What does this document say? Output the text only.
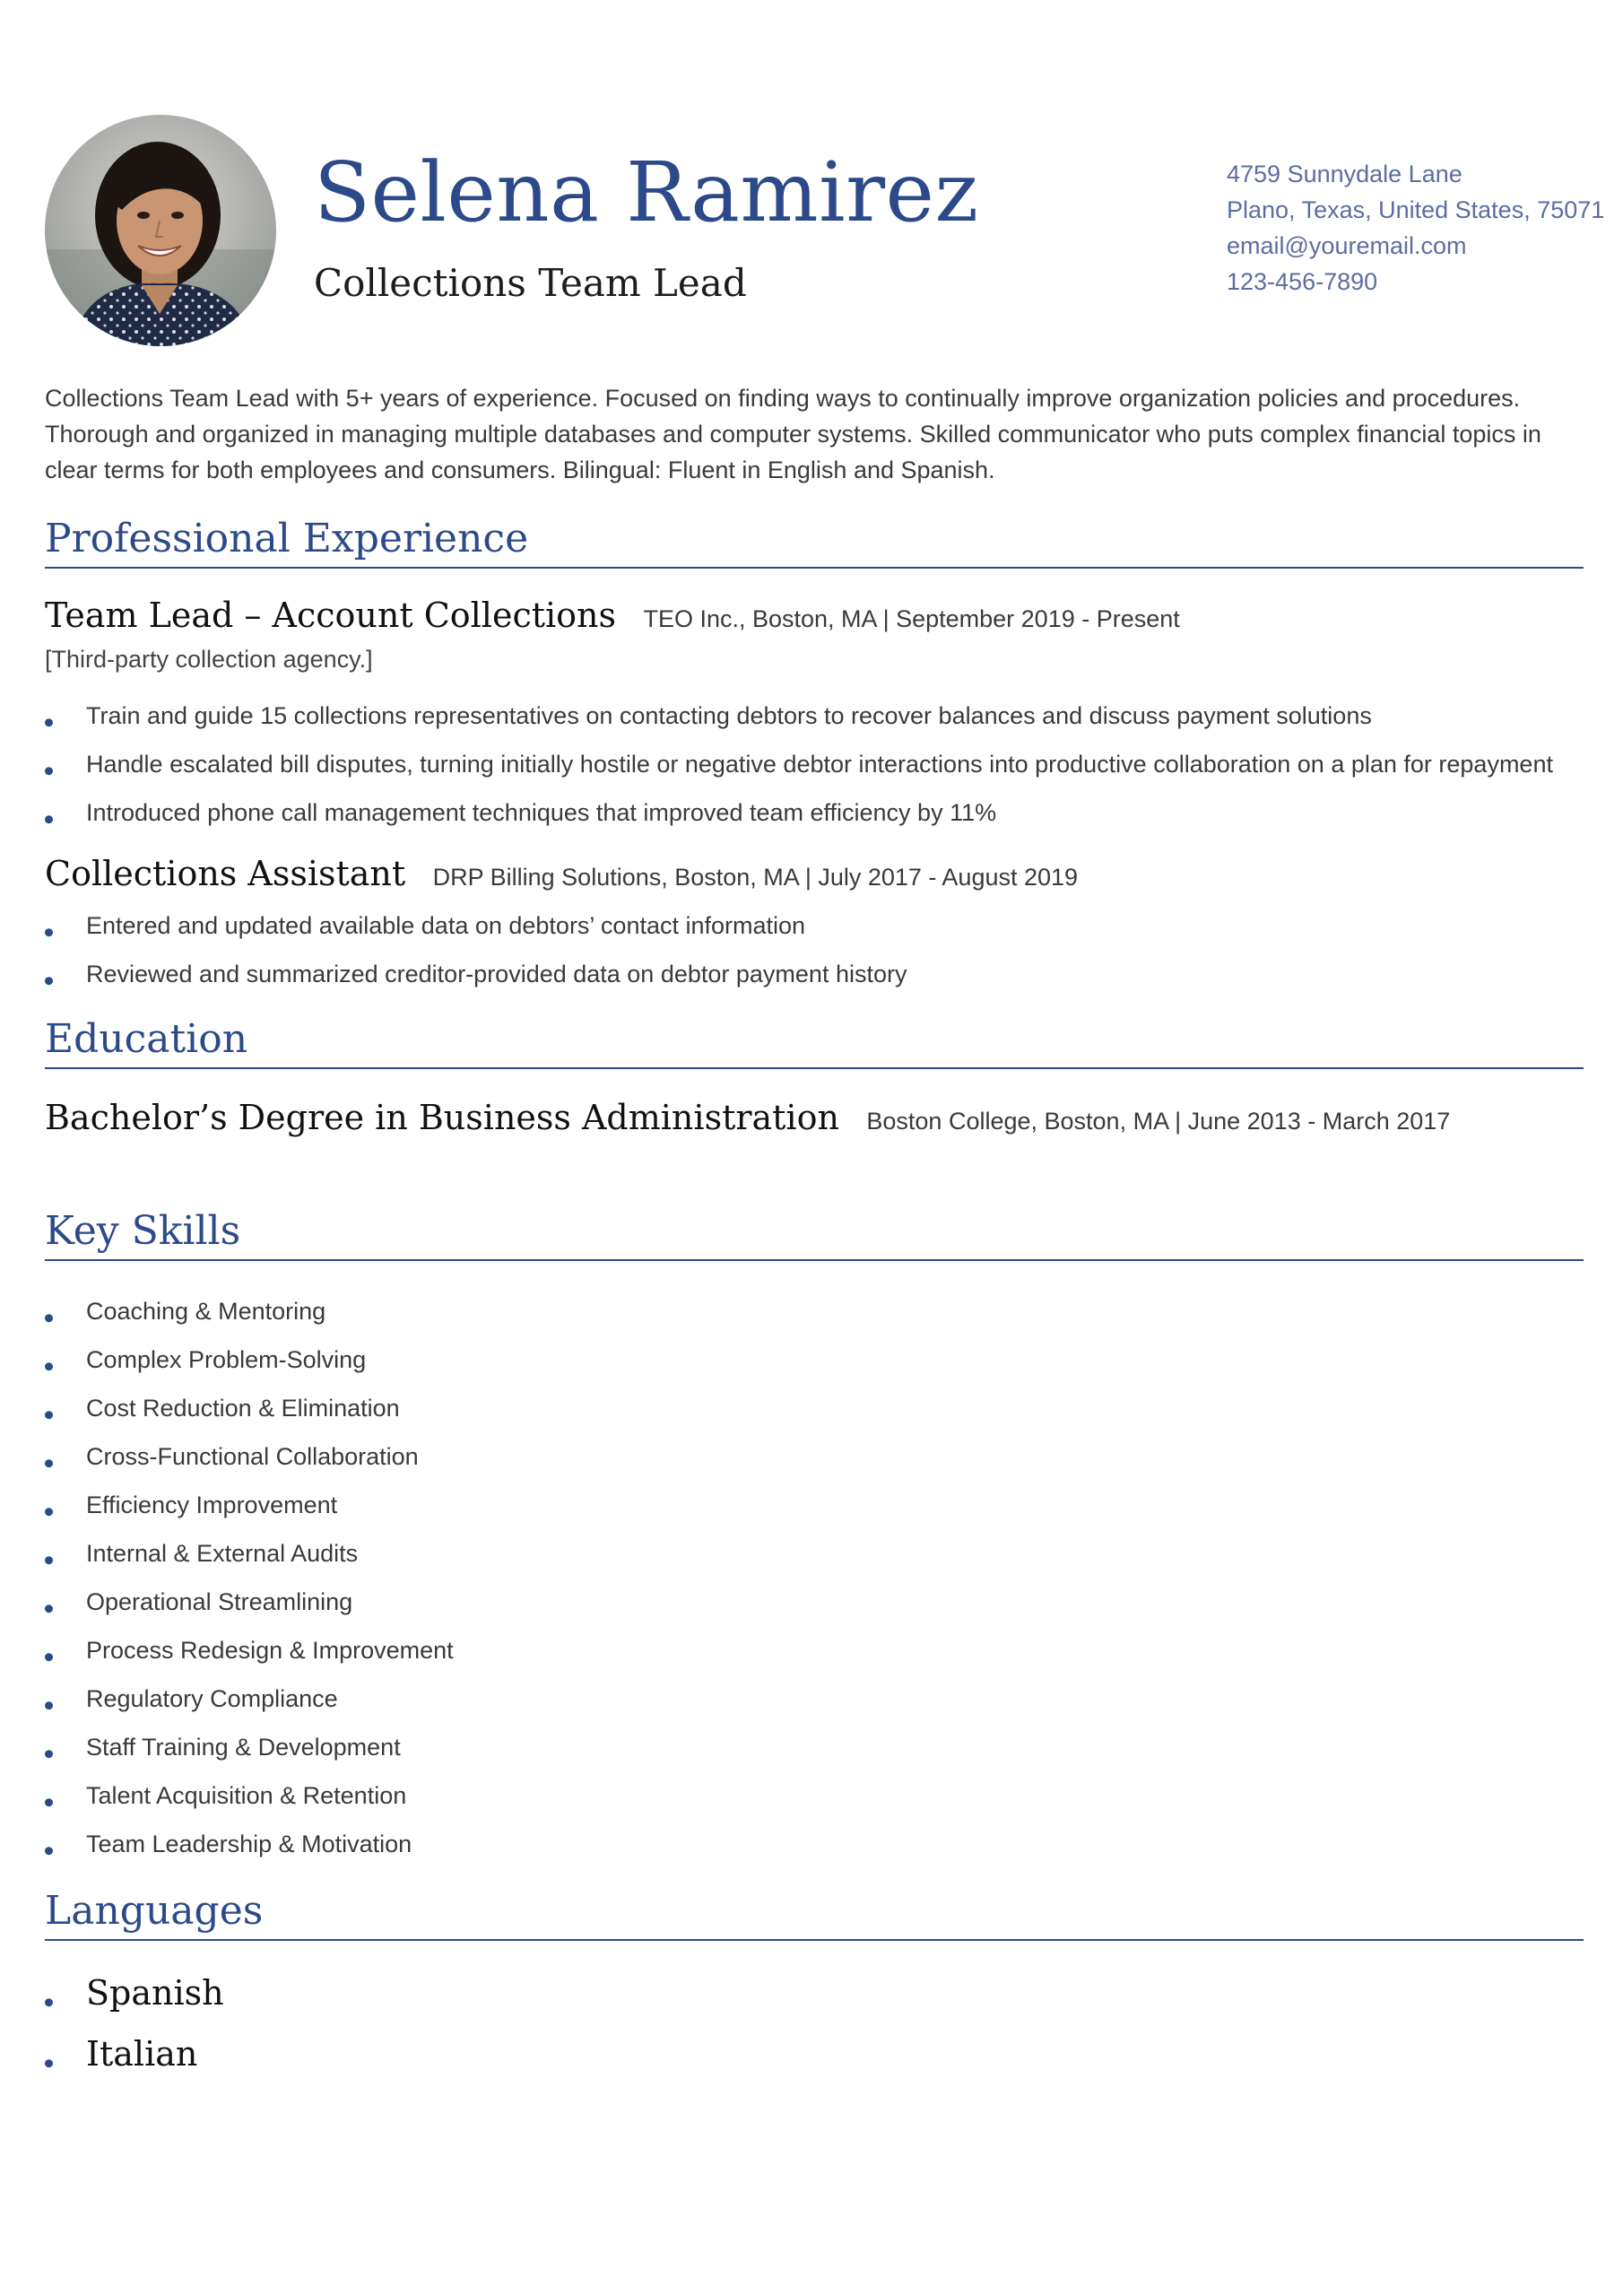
Selena Ramirez
Collections Team Lead
4759 Sunnydale Lane
Plano, Texas, United States, 75071
email@youremail.com
123-456-7890
Collections Team Lead with 5+ years of experience. Focused on finding ways to continually improve organization policies and procedures. Thorough and organized in managing multiple databases and computer systems. Skilled communicator who puts complex financial topics in clear terms for both employees and consumers. Bilingual: Fluent in English and Spanish.
Professional Experience
Team Lead – Account Collections TEO Inc., Boston, MA | September 2019 - Present
[Third-party collection agency.]
Train and guide 15 collections representatives on contacting debtors to recover balances and discuss payment solutions
Handle escalated bill disputes, turning initially hostile or negative debtor interactions into productive collaboration on a plan for repayment
Introduced phone call management techniques that improved team efficiency by 11%
Collections Assistant DRP Billing Solutions, Boston, MA | July 2017 - August 2019
Entered and updated available data on debtors’ contact information
Reviewed and summarized creditor-provided data on debtor payment history
Education
Bachelor’s Degree in Business Administration Boston College, Boston, MA | June 2013 - March 2017
Key Skills
Coaching & Mentoring
Complex Problem-Solving
Cost Reduction & Elimination
Cross-Functional Collaboration
Efficiency Improvement
Internal & External Audits
Operational Streamlining
Process Redesign & Improvement
Regulatory Compliance
Staff Training & Development
Talent Acquisition & Retention
Team Leadership & Motivation
Languages
Spanish
Italian
